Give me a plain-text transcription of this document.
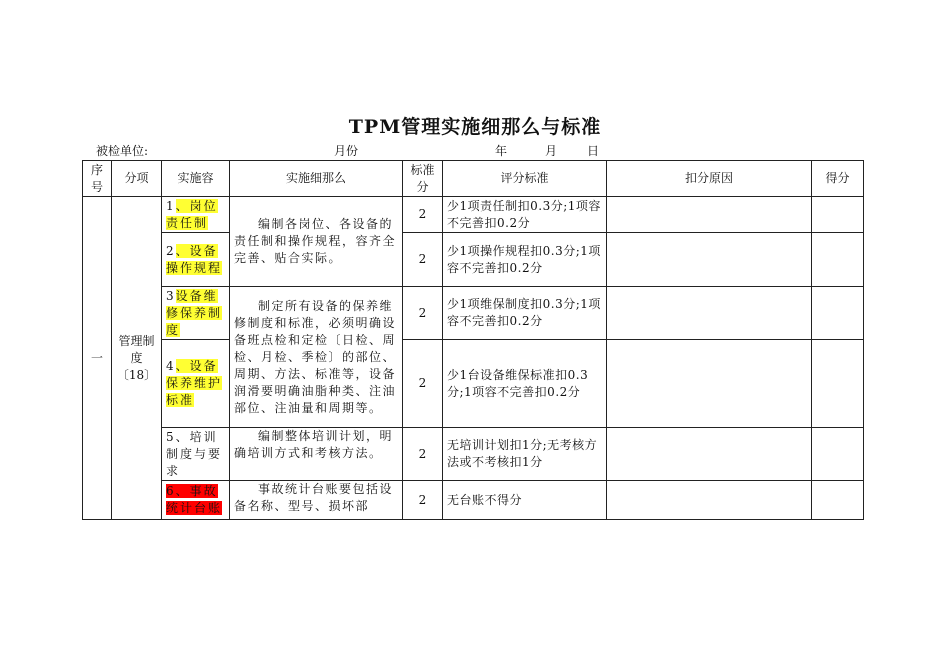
TPM管理实施细那么与标准
被检单位:	月份	年	月 日
序号	分项	实施容	实施细那么	标准分	评分标准	扣分原因	得分
一	管理制度〔18〕	1、岗位责任制	编制各岗位、各设备的责任制和操作规程，容齐全完善、贴合实际。	2	少1项责任制扣0.3分;1项容不完善扣0.2分		
		2、设备操作规程		2	少1项操作规程扣0.3分;1项容不完善扣0.2分		
		3设备维修保养制度	制定所有设备的保养维修制度和标准，必须明确设备班点检和定检〔日检、周检、月检、季检〕的部位、周期、方法、标准等，设备润滑要明确油脂种类、注油部位、注油量和周期等。	2	少1项维保制度扣0.3分;1项容不完善扣0.2分		
		4、设备保养维护标准		2	少1台设备维保标准扣0.3分;1项容不完善扣0.2分		
		5、培训制度与要求	编制整体培训计划，明确培训方式和考核方法。	2	无培训计划扣1分;无考核方法或不考核扣1分		
		6、事故统计台账	事故统计台账要包括设备名称、型号、损坏部	2	无台账不得分		
